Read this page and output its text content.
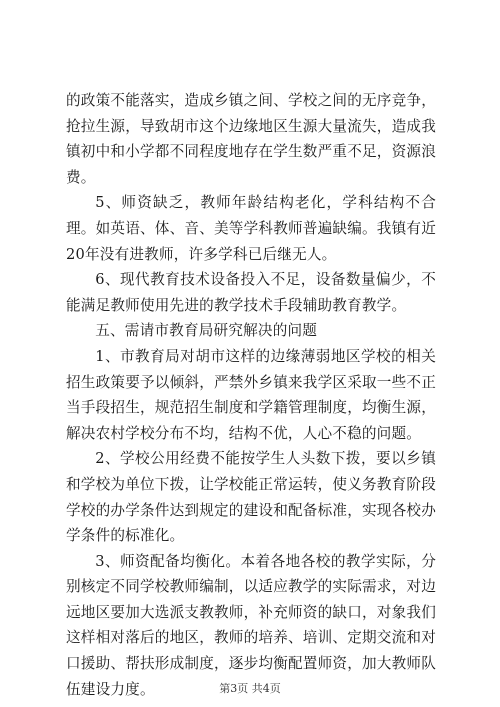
的政策不能落实，造成乡镇之间、学校之间的无序竞争，抢拉生源，导致胡市这个边缘地区生源大量流失，造成我镇初中和小学都不同程度地存在学生数严重不足，资源浪费。

5、师资缺乏，教师年龄结构老化，学科结构不合理。如英语、体、音、美等学科教师普遍缺编。我镇有近20年没有进教师，许多学科已后继无人。

6、现代教育技术设备投入不足，设备数量偏少，不能满足教师使用先进的教学技术手段辅助教育教学。

五、需请市教育局研究解决的问题

1、市教育局对胡市这样的边缘薄弱地区学校的相关招生政策要予以倾斜，严禁外乡镇来我学区采取一些不正当手段招生，规范招生制度和学籍管理制度，均衡生源，解决农村学校分布不均，结构不优，人心不稳的问题。

2、学校公用经费不能按学生人头数下拨，要以乡镇和学校为单位下拨，让学校能正常运转，使义务教育阶段学校的办学条件达到规定的建设和配备标准，实现各校办学条件的标准化。

3、师资配备均衡化。本着各地各校的教学实际，分别核定不同学校教师编制，以适应教学的实际需求，对边远地区要加大选派支教教师，补充师资的缺口，对象我们这样相对落后的地区，教师的培养、培训、定期交流和对口援助、帮扶形成制度，逐步均衡配置师资，加大教师队伍建设力度。	第3页 共4页
